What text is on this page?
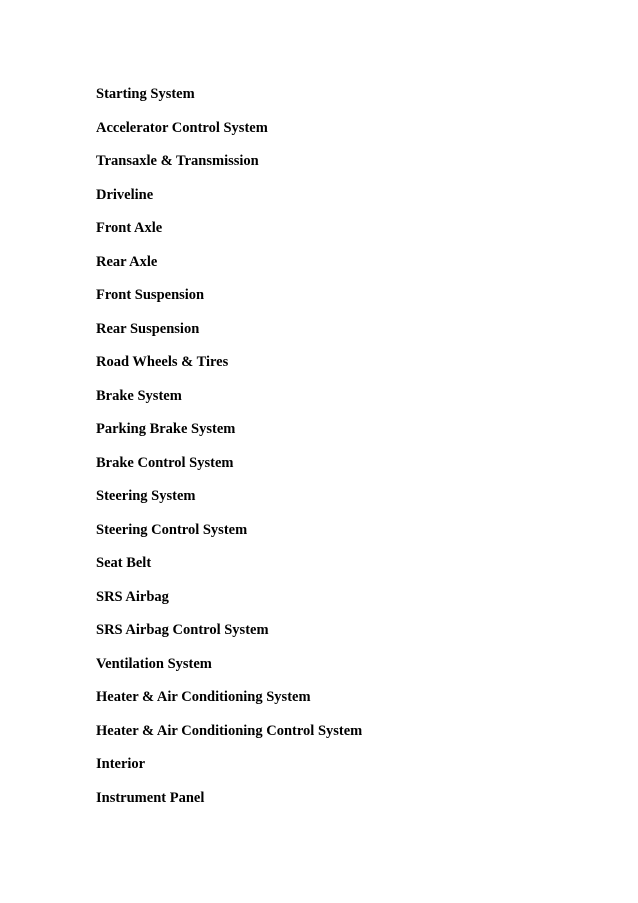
Starting System
Accelerator Control System
Transaxle & Transmission
Driveline
Front Axle
Rear Axle
Front Suspension
Rear Suspension
Road Wheels & Tires
Brake System
Parking Brake System
Brake Control System
Steering System
Steering Control System
Seat Belt
SRS Airbag
SRS Airbag Control System
Ventilation System
Heater & Air Conditioning System
Heater & Air Conditioning Control System
Interior
Instrument Panel
